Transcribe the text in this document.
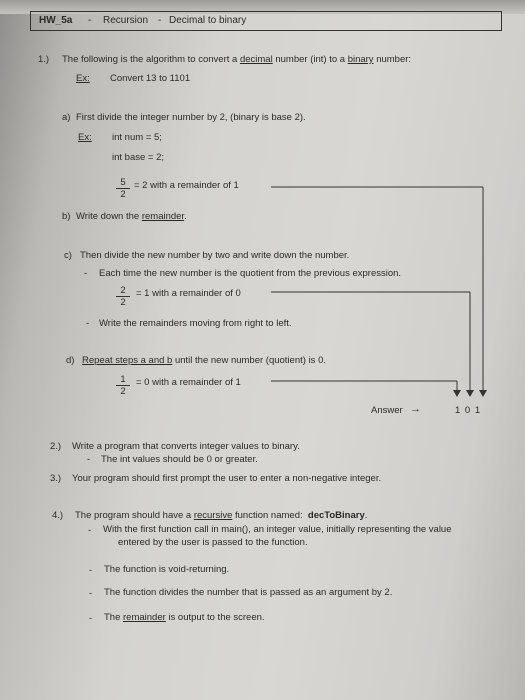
HW_5a - Recursion - Decimal to binary
1.) The following is the algorithm to convert a decimal number (int) to a binary number:
Ex: Convert 13 to 1101
a) First divide the integer number by 2, (binary is base 2).
Ex: int num = 5;
int base = 2;
$\frac{5}{2} = 2$ with a remainder of 1
b) Write down the remainder.
c) Then divide the new number by two and write down the number.
- Each time the new number is the quotient from the previous expression.
$\frac{2}{2} = 1$ with a remainder of 0
- Write the remainders moving from right to left.
d) Repeat steps a and b until the new number (quotient) is 0.
$\frac{1}{2} = 0$ with a remainder of 1
Answer →	1 0 1
2.) Write a program that converts integer values to binary.
- The int values should be 0 or greater.
3.) Your program should first prompt the user to enter a non-negative integer.
4.) The program should have a recursive function named: decToBinary.
- With the first function call in main(), an integer value, initially representing the value
entered by the user is passed to the function.
- The function is void-returning.
- The function divides the number that is passed as an argument by 2.
- The remainder is output to the screen.
